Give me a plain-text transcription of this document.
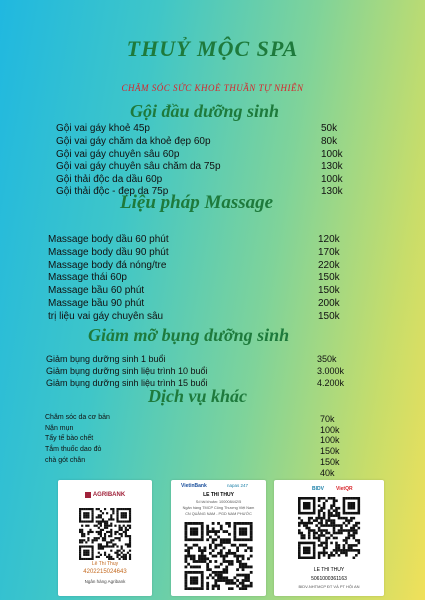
THUỶ MỘC SPA
CHĂM SÓC SỨC KHOẺ THUẦN TỰ NHIÊN
Gội đầu dưỡng sinh
Gội vai gáy khoẻ 45p	50k
Gội vai gáy chăm da khoẻ đẹp 60p	80k
Gội vai gáy chuyên sâu 60p	100k
Gội vai gáy chuyên sâu chăm da 75p	130k
Gội thải độc da dầu 60p	100k
Gội thải độc - đẹp da 75p	130k
Liệu pháp Massage
Massage body dầu 60 phút	120k
Massage body dầu 90 phút	170k
Massage body đá nóng/tre	220k
Massage thái 60p	150k
Massage bầu 60 phút	150k
Massage bầu 90 phút	200k
trị liệu vai gáy chuyên sâu	150k
Giảm mỡ bụng dưỡng sinh
Giảm bụng dưỡng sinh 1 buổi	350k
Giảm bụng dưỡng sinh liệu trình 10 buổi	3.000k
Giảm bụng dưỡng sinh liệu trình 15 buổi	4.200k
Dịch vụ khác
Chăm sóc da cơ bản	70k
Nặn mụn	100k
Tẩy tế bào chết	100k
Tắm thuốc dao đỏ	150k
chà gót chân	150k
40k
AGRIBANK
Lê Thi Thuy
4202215024643
Ngân hàng Agribank
VietinBank	napas 247
LE THI THUY
Số tài khoản: 100008442/5
Ngân hàng TMCP Công Thương Việt Nam
CN QUẢNG NAM - PGD NAM PHƯỚC
BIDV VietQR
LE THI THUY
5061000361163
BIDV-NHTMCP ĐT VÀ PT HỘI AN
